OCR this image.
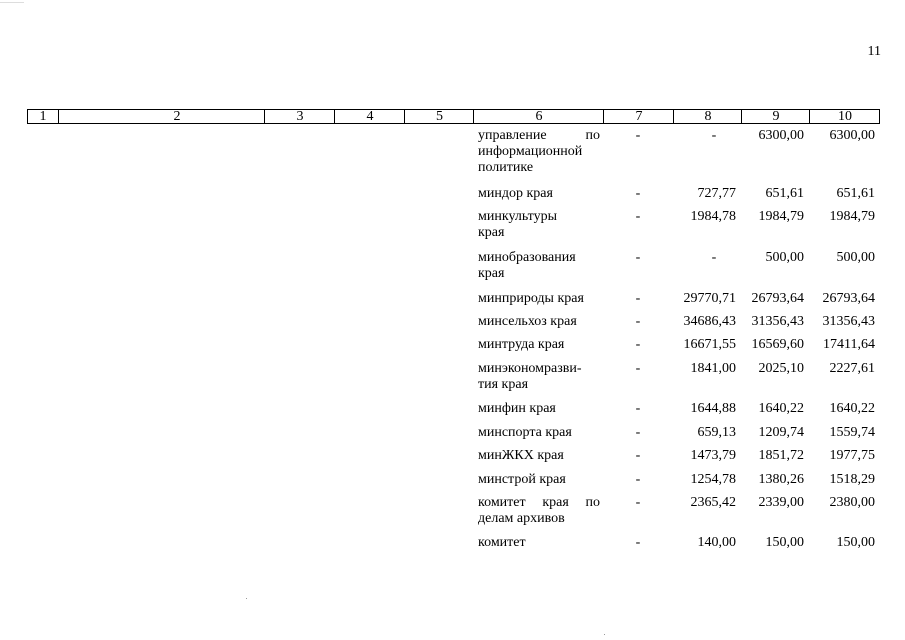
11
1	2	3	4	5	6	7	8	9	10
управление	по
информационной
политике
-	-	6300,00	6300,00
миндор края	-	727,77	651,61	651,61
минкультуры
края
-	1984,78	1984,79	1984,79
минобразования
края
-	-	500,00	500,00
минприроды края	-	29770,71	26793,64	26793,64
минсельхоз края	-	34686,43	31356,43	31356,43
минтруда края	-	16671,55	16569,60	17411,64
минэкономразви-
тия края
-	1841,00	2025,10	2227,61
минфин края	-	1644,88	1640,22	1640,22
минспорта края	-	659,13	1209,74	1559,74
минЖКХ края	-	1473,79	1851,72	1977,75
минстрой края	-	1254,78	1380,26	1518,29
комитет края по
делам архивов
-	2365,42	2339,00	2380,00
комитет	-	140,00	150,00	150,00
